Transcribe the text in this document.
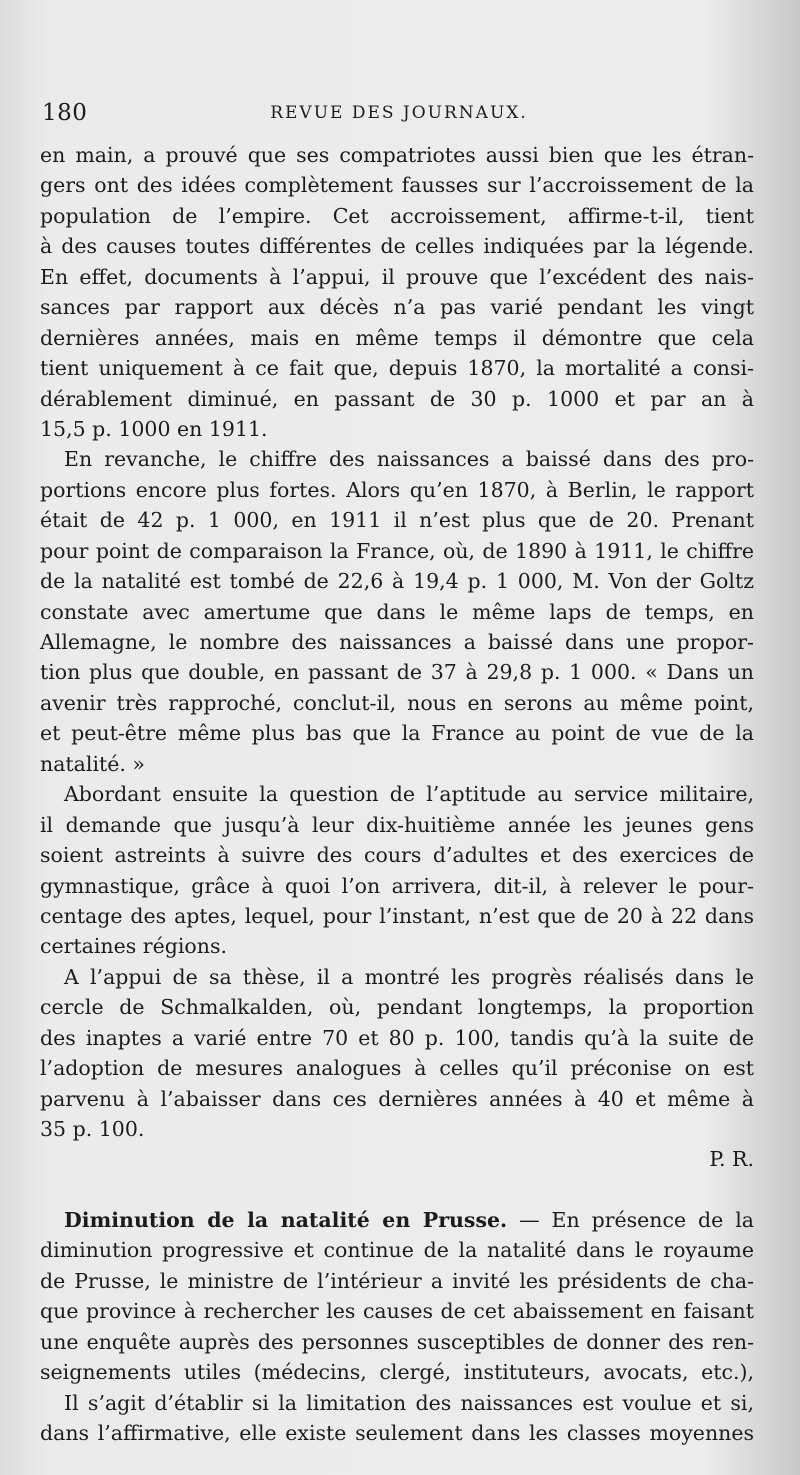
180	REVUE DES JOURNAUX.
en main, a prouvé que ses compatriotes aussi bien que les étran-
gers ont des idées complètement fausses sur l’accroissement de la
population de l’empire. Cet accroissement, affirme-t-il, tient
à des causes toutes différentes de celles indiquées par la légende.
En effet, documents à l’appui, il prouve que l’excédent des nais-
sances par rapport aux décès n’a pas varié pendant les vingt
dernières années, mais en même temps il démontre que cela
tient uniquement à ce fait que, depuis 1870, la mortalité a consi-
dérablement diminué, en passant de 30 p. 1000 et par an à
15,5 p. 1000 en 1911.
En revanche, le chiffre des naissances a baissé dans des pro-
portions encore plus fortes. Alors qu’en 1870, à Berlin, le rapport
était de 42 p. 1 000, en 1911 il n’est plus que de 20. Prenant
pour point de comparaison la France, où, de 1890 à 1911, le chiffre
de la natalité est tombé de 22,6 à 19,4 p. 1 000, M. Von der Goltz
constate avec amertume que dans le même laps de temps, en
Allemagne, le nombre des naissances a baissé dans une propor-
tion plus que double, en passant de 37 à 29,8 p. 1 000. « Dans un
avenir très rapproché, conclut-il, nous en serons au même point,
et peut-être même plus bas que la France au point de vue de la
natalité. »
Abordant ensuite la question de l’aptitude au service militaire,
il demande que jusqu’à leur dix-huitième année les jeunes gens
soient astreints à suivre des cours d’adultes et des exercices de
gymnastique, grâce à quoi l’on arrivera, dit-il, à relever le pour-
centage des aptes, lequel, pour l’instant, n’est que de 20 à 22 dans
certaines régions.
A l’appui de sa thèse, il a montré les progrès réalisés dans le
cercle de Schmalkalden, où, pendant longtemps, la proportion
des inaptes a varié entre 70 et 80 p. 100, tandis qu’à la suite de
l’adoption de mesures analogues à celles qu’il préconise on est
parvenu à l’abaisser dans ces dernières années à 40 et même à
35 p. 100.
P. R.
Diminution de la natalité en Prusse. — En présence de la
diminution progressive et continue de la natalité dans le royaume
de Prusse, le ministre de l’intérieur a invité les présidents de cha-
que province à rechercher les causes de cet abaissement en faisant
une enquête auprès des personnes susceptibles de donner des ren-
seignements utiles (médecins, clergé, instituteurs, avocats, etc.),
Il s’agit d’établir si la limitation des naissances est voulue et si,
dans l’affirmative, elle existe seulement dans les classes moyennes
